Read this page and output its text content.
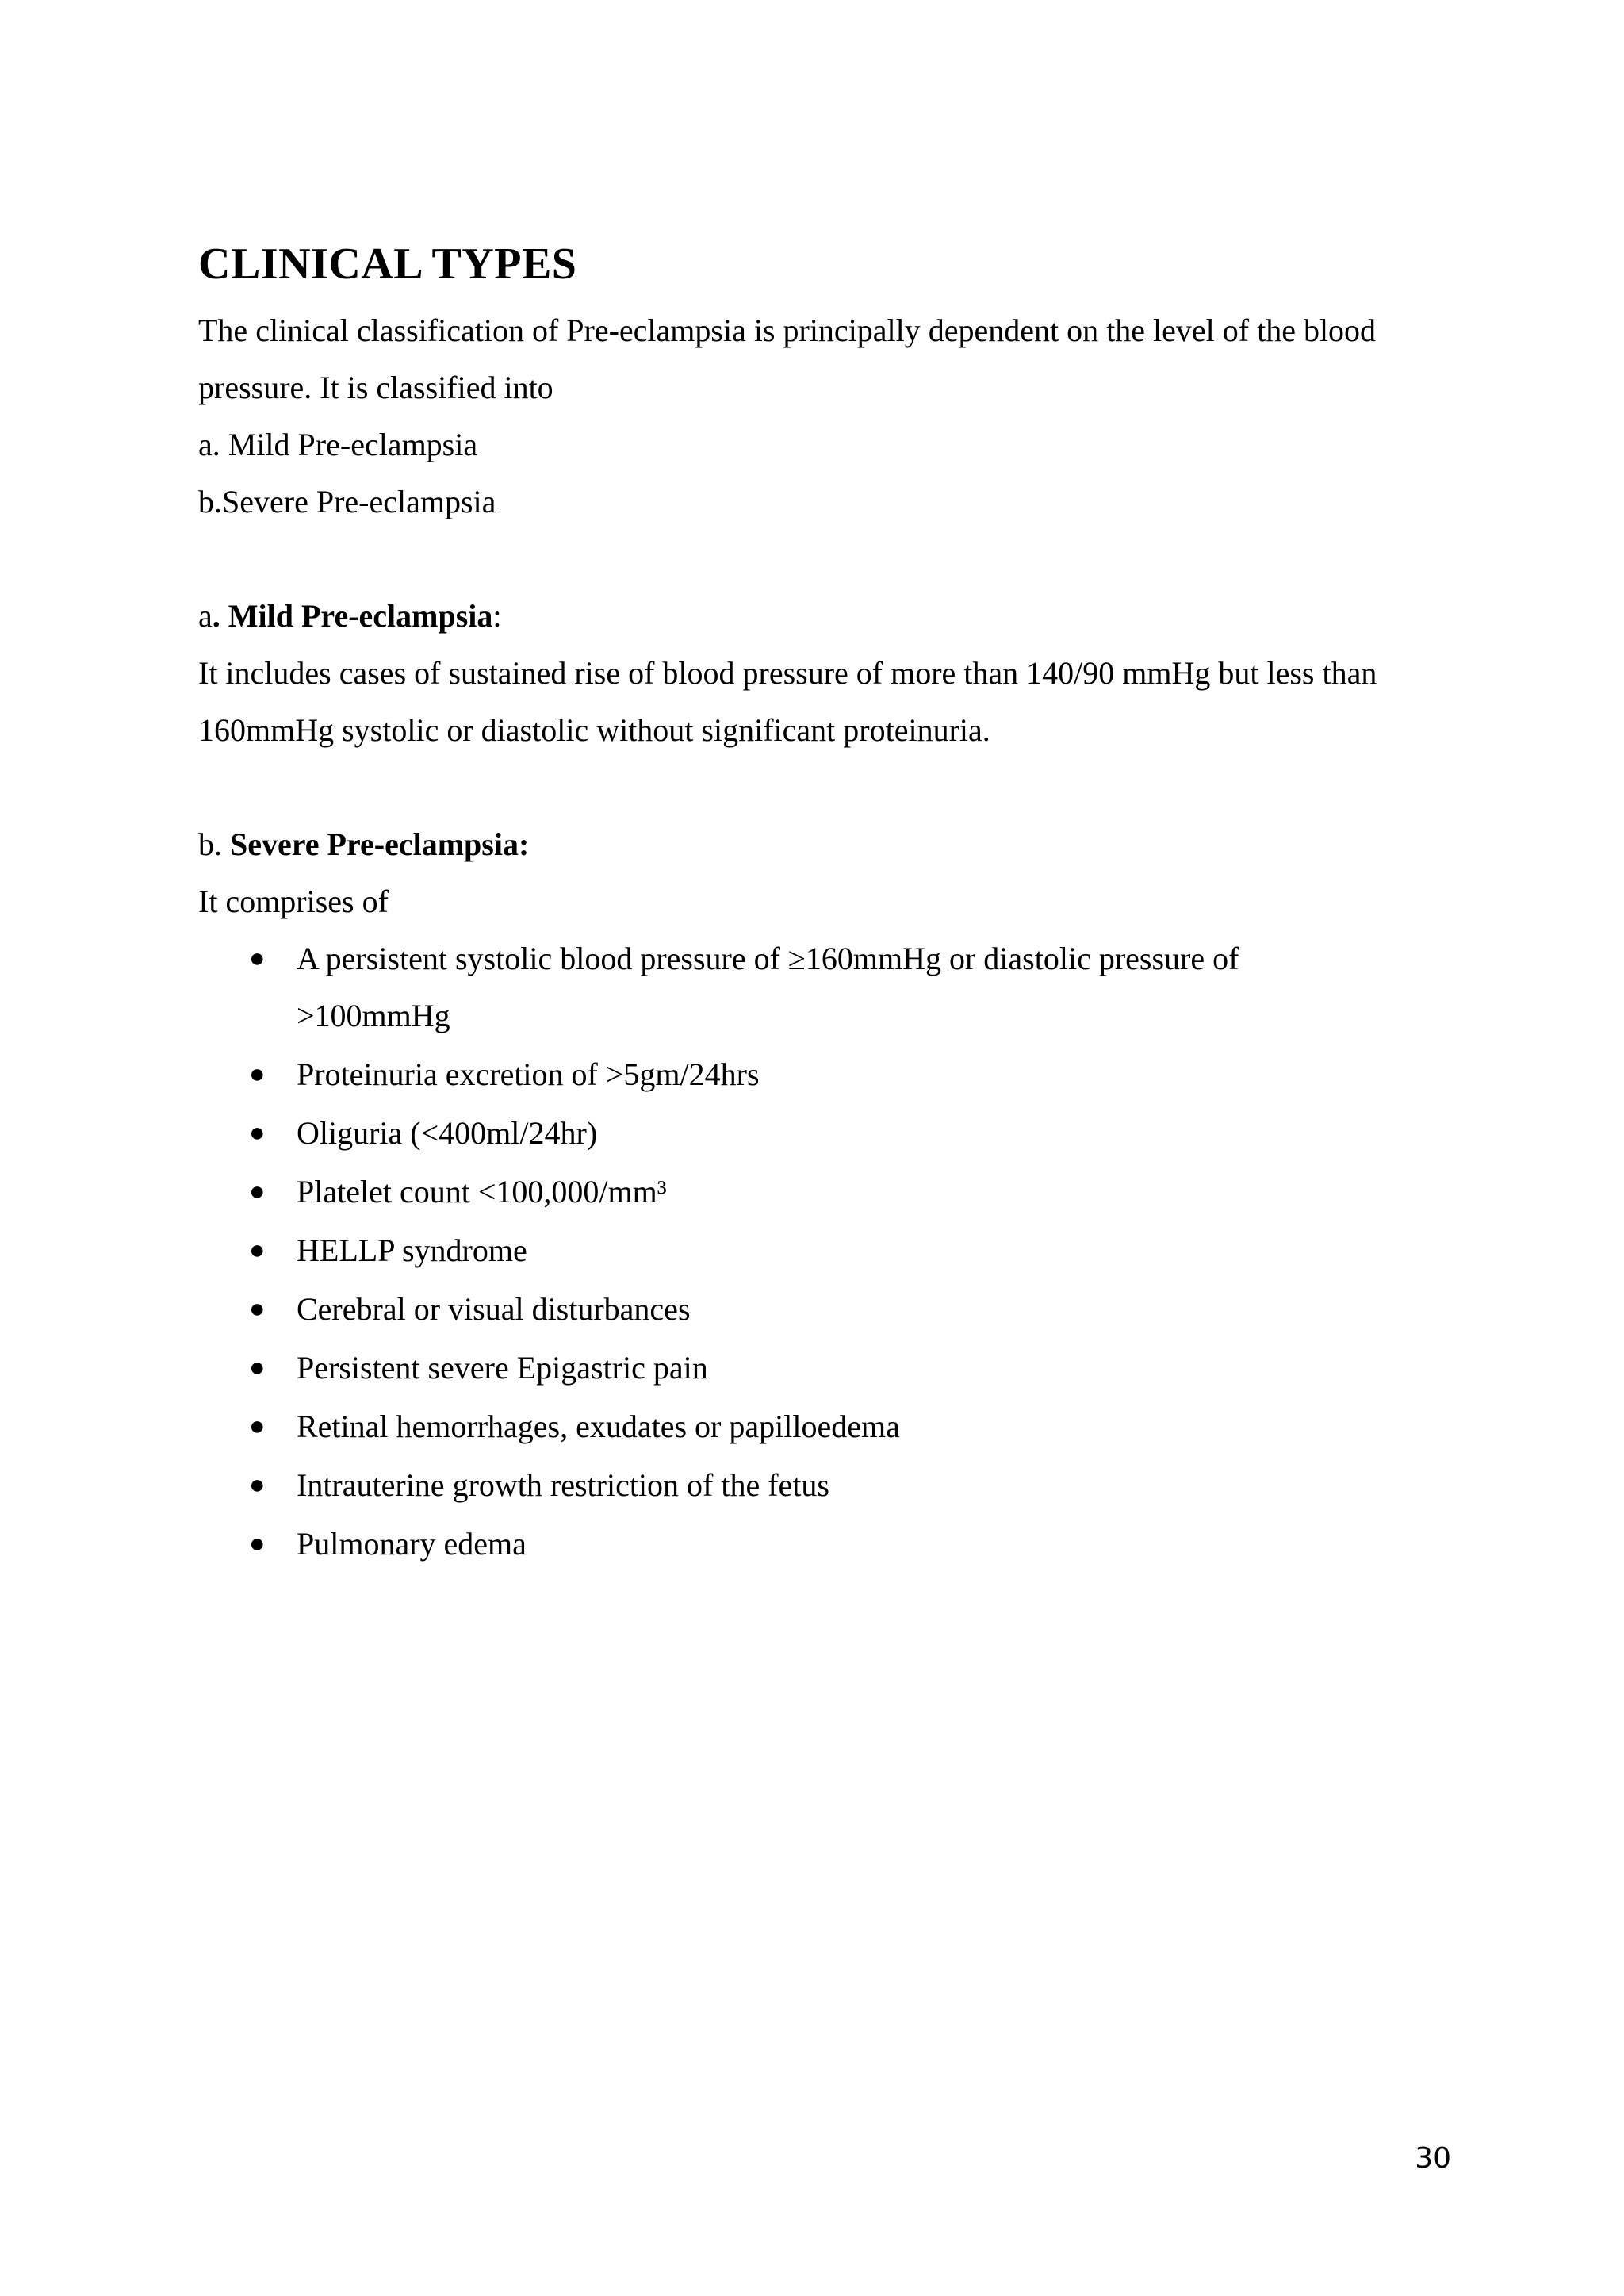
CLINICAL TYPES
The clinical classification of Pre-eclampsia is principally dependent on the level of the blood
pressure. It is classified into
a. Mild Pre-eclampsia
b.Severe Pre-eclampsia
a. Mild Pre-eclampsia:
It includes cases of sustained rise of blood pressure of more than 140/90 mmHg but less than
160mmHg systolic or diastolic without significant proteinuria.
b. Severe Pre-eclampsia:
It comprises of
● A persistent systolic blood pressure of ≥160mmHg or diastolic pressure of
>100mmHg
● Proteinuria excretion of >5gm/24hrs
● Oliguria (<400ml/24hr)
● Platelet count <100,000/mm³
● HELLP syndrome
● Cerebral or visual disturbances
● Persistent severe Epigastric pain
● Retinal hemorrhages, exudates or papilloedema
● Intrauterine growth restriction of the fetus
● Pulmonary edema
30
